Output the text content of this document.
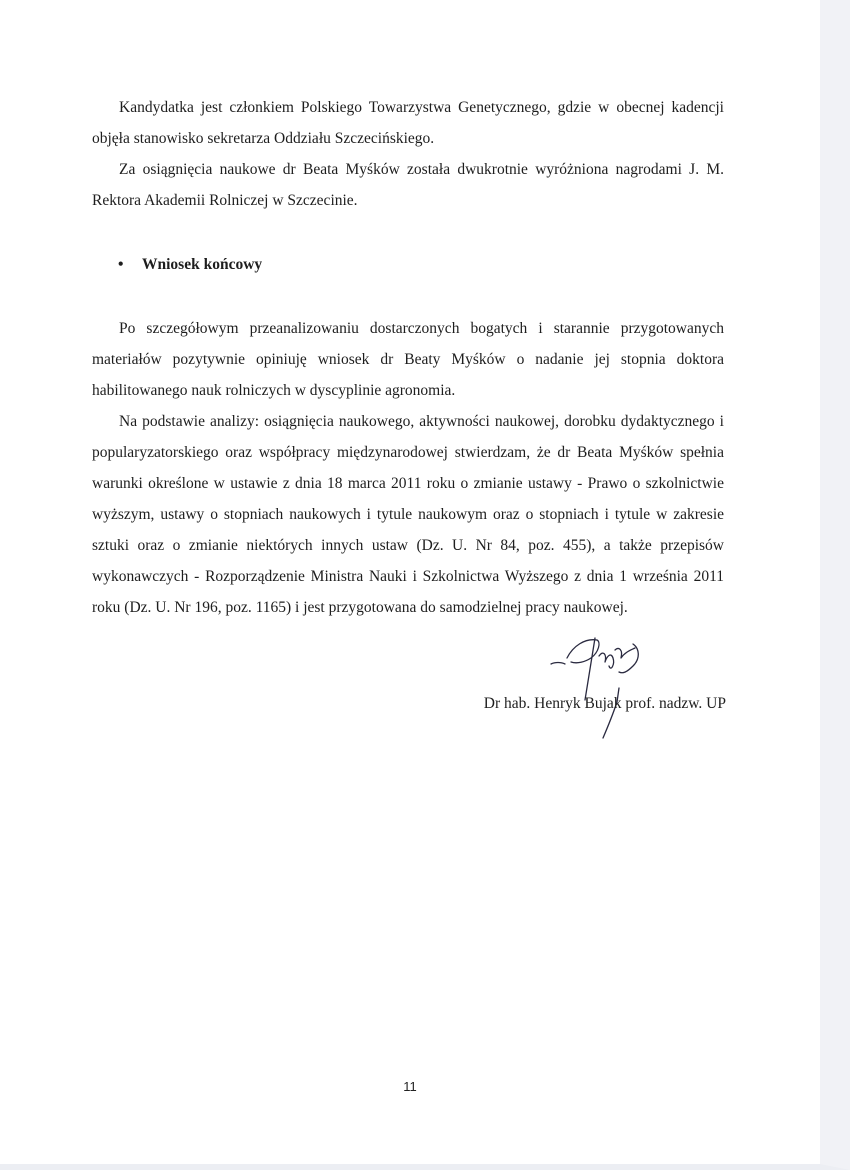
Kandydatka jest członkiem Polskiego Towarzystwa Genetycznego, gdzie w obecnej kadencji objęła stanowisko sekretarza Oddziału Szczecińskiego.

Za osiągnięcia naukowe dr Beata Myśków została dwukrotnie wyróżniona nagrodami J. M. Rektora Akademii Rolniczej w Szczecinie.

• Wniosek końcowy

Po szczegółowym przeanalizowaniu dostarczonych bogatych i starannie przygotowanych materiałów pozytywnie opiniuję wniosek dr Beaty Myśków o nadanie jej stopnia doktora habilitowanego nauk rolniczych w dyscyplinie agronomia.

Na podstawie analizy: osiągnięcia naukowego, aktywności naukowej, dorobku dydaktycznego i popularyzatorskiego oraz współpracy międzynarodowej stwierdzam, że dr Beata Myśków spełnia warunki określone w ustawie z dnia 18 marca 2011 roku o zmianie ustawy - Prawo o szkolnictwie wyższym, ustawy o stopniach naukowych i tytule naukowym oraz o stopniach i tytule w zakresie sztuki oraz o zmianie niektórych innych ustaw (Dz. U. Nr 84, poz. 455), a także przepisów wykonawczych - Rozporządzenie Ministra Nauki i Szkolnictwa Wyższego z dnia 1 września 2011 roku (Dz. U. Nr 196, poz. 1165) i jest przygotowana do samodzielnej pracy naukowej.

Dr hab. Henryk Bujak prof. nadzw. UP
11
